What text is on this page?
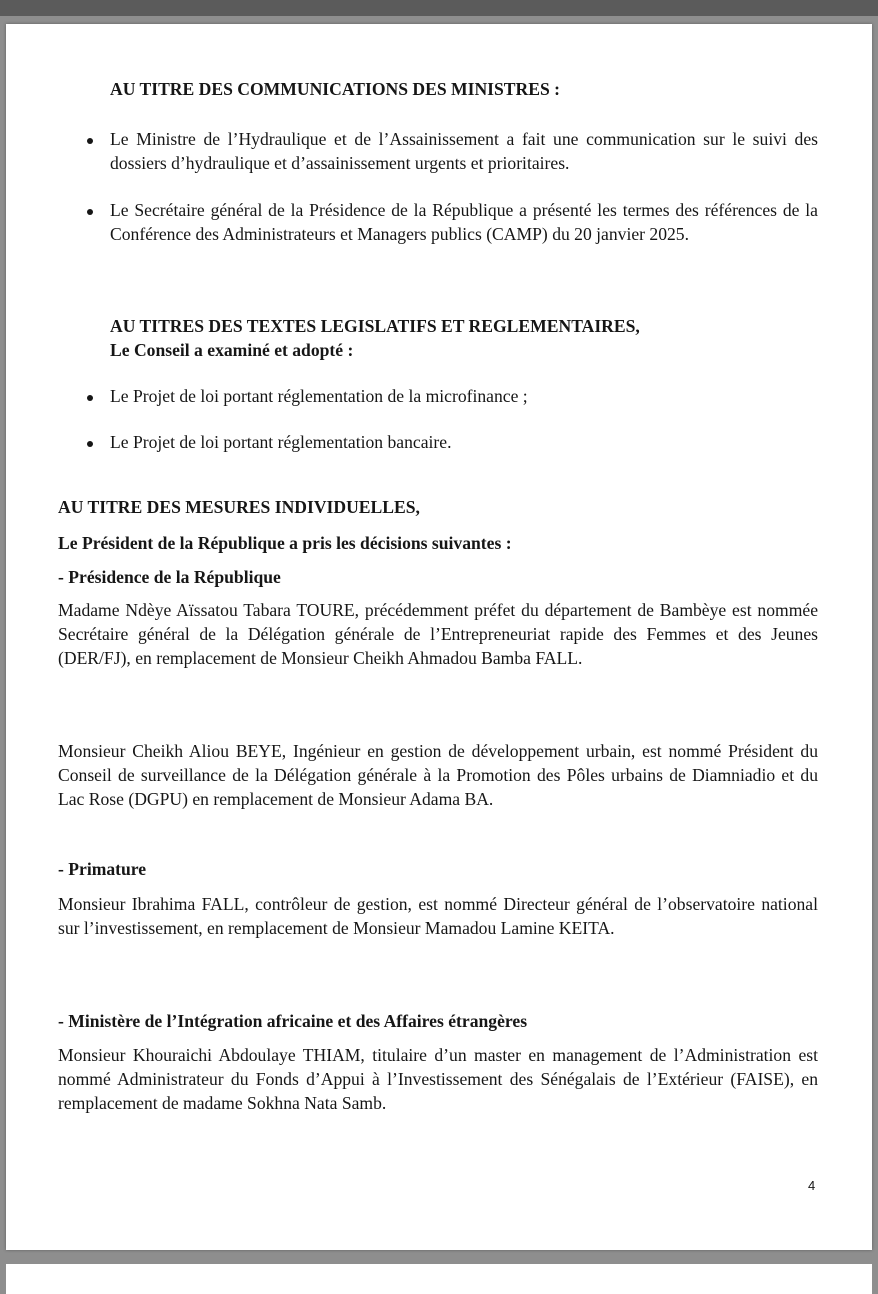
AU TITRE DES COMMUNICATIONS DES MINISTRES :

Le Ministre de l’Hydraulique et de l’Assainissement a fait une communication sur le suivi des dossiers d’hydraulique et d’assainissement urgents et prioritaires.

Le Secrétaire général de la Présidence de la République a présenté les termes des références de la Conférence des Administrateurs et Managers publics (CAMP) du 20 janvier 2025.

AU TITRES DES TEXTES LEGISLATIFS ET REGLEMENTAIRES,

Le Conseil a examiné et adopté :

Le Projet de loi portant réglementation de la microfinance ;

Le Projet de loi portant réglementation bancaire.

AU TITRE DES MESURES INDIVIDUELLES,

Le Président de la République a pris les décisions suivantes :

- Présidence de la République

Madame Ndèye Aïssatou Tabara TOURE, précédemment préfet du département de Bambèye est nommée Secrétaire général de la Délégation générale de l’Entrepreneuriat rapide des Femmes et des Jeunes (DER/FJ), en remplacement de Monsieur Cheikh Ahmadou Bamba FALL.

Monsieur Cheikh Aliou BEYE, Ingénieur en gestion de développement urbain, est nommé Président du Conseil de surveillance de la Délégation générale à la Promotion des Pôles urbains de Diamniadio et du Lac Rose (DGPU) en remplacement de Monsieur Adama BA.

- Primature

Monsieur Ibrahima FALL, contrôleur de gestion, est nommé Directeur général de l’observatoire national sur l’investissement, en remplacement de Monsieur Mamadou Lamine KEITA.

- Ministère de l’Intégration africaine et des Affaires étrangères

Monsieur Khouraichi Abdoulaye THIAM, titulaire d’un master en management de l’Administration est nommé Administrateur du Fonds d’Appui à l’Investissement des Sénégalais de l’Extérieur (FAISE), en remplacement de madame Sokhna Nata Samb.

4
